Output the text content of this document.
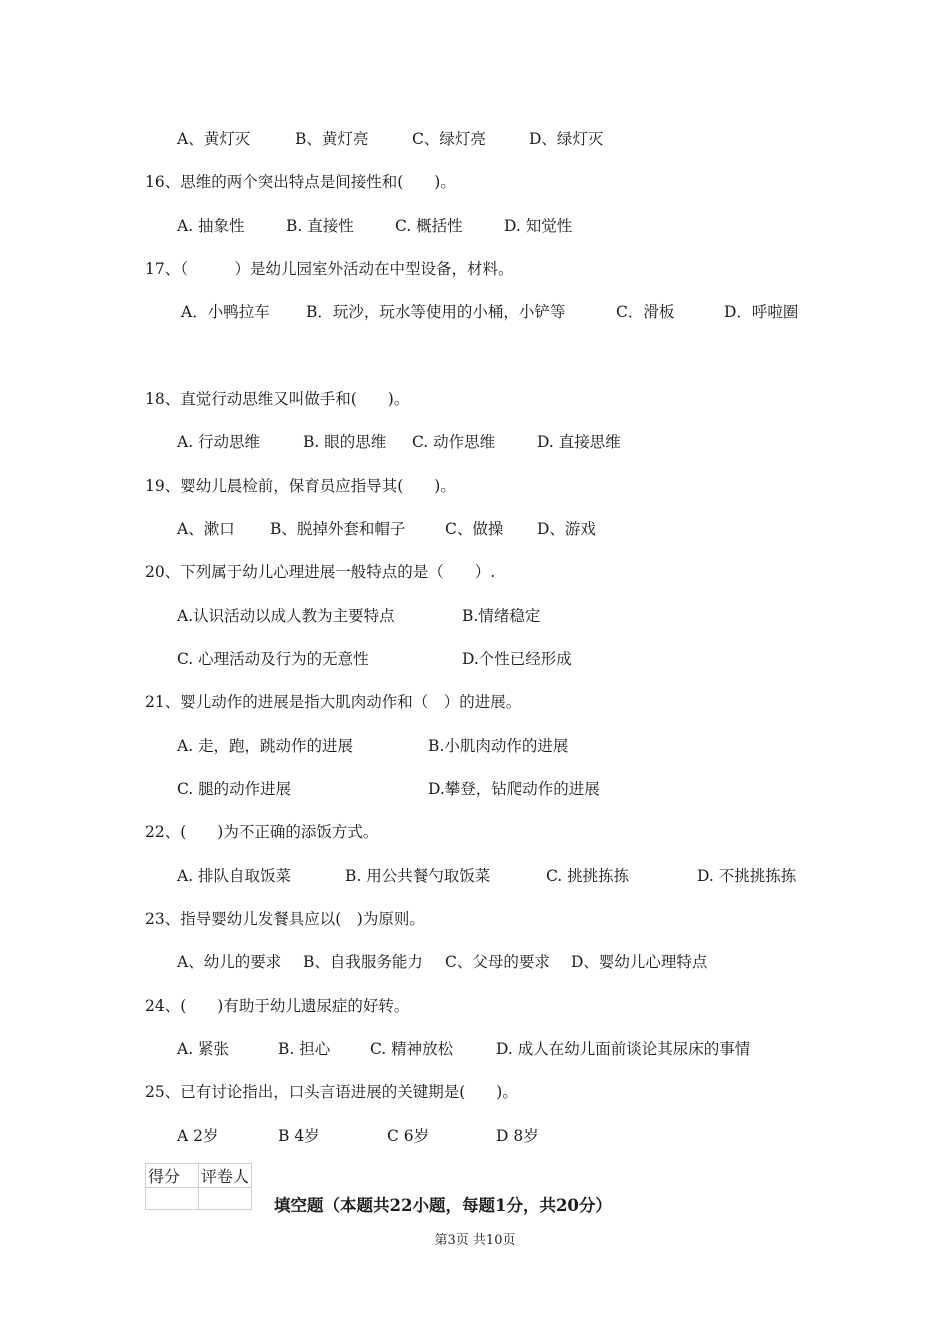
A、黄灯灭	B、黄灯亮	C、绿灯亮	D、绿灯灭
16、思维的两个突出特点是间接性和(　　)。
A. 抽象性	B. 直接性	C. 概括性	D. 知觉性
17、（　　　）是幼儿园室外活动在中型设备，材料。
A．小鸭拉车 B．玩沙，玩水等使用的小桶，小铲等	C．滑板	D．呼啦圈
18、直觉行动思维又叫做手和(　　)。
A. 行动思维	B. 眼的思维 C. 动作思维	D. 直接思维
19、婴幼儿晨检前，保育员应指导其(　　)。
A、漱口 B、脱掉外套和帽子	C、做操 D、游戏
20、下列属于幼儿心理进展一般特点的是（　　）.
A.认识活动以成人教为主要特点	B.情绪稳定
C. 心理活动及行为的无意性	D.个性已经形成
21、婴儿动作的进展是指大肌肉动作和（　）的进展。
A. 走，跑，跳动作的进展	B.小肌肉动作的进展
C. 腿的动作进展	D.攀登，钻爬动作的进展
22、(　　)为不正确的添饭方式。
A. 排队自取饭菜	B. 用公共餐勺取饭菜	C. 挑挑拣拣	D. 不挑挑拣拣
23、指导婴幼儿发餐具应以(　)为原则。
A、幼儿的要求 B、自我服务能力 C、父母的要求 D、婴幼儿心理特点
24、(　　)有助于幼儿遗尿症的好转。
A. 紧张	B. 担心	C. 精神放松	D. 成人在幼儿面前谈论其尿床的事情
25、已有讨论指出，口头言语进展的关键期是(　　)。
A 2岁	B 4岁	C 6岁	D 8岁
得分	评卷人

填空题（本题共22小题，每题1分，共20分）
第3页 共10页
